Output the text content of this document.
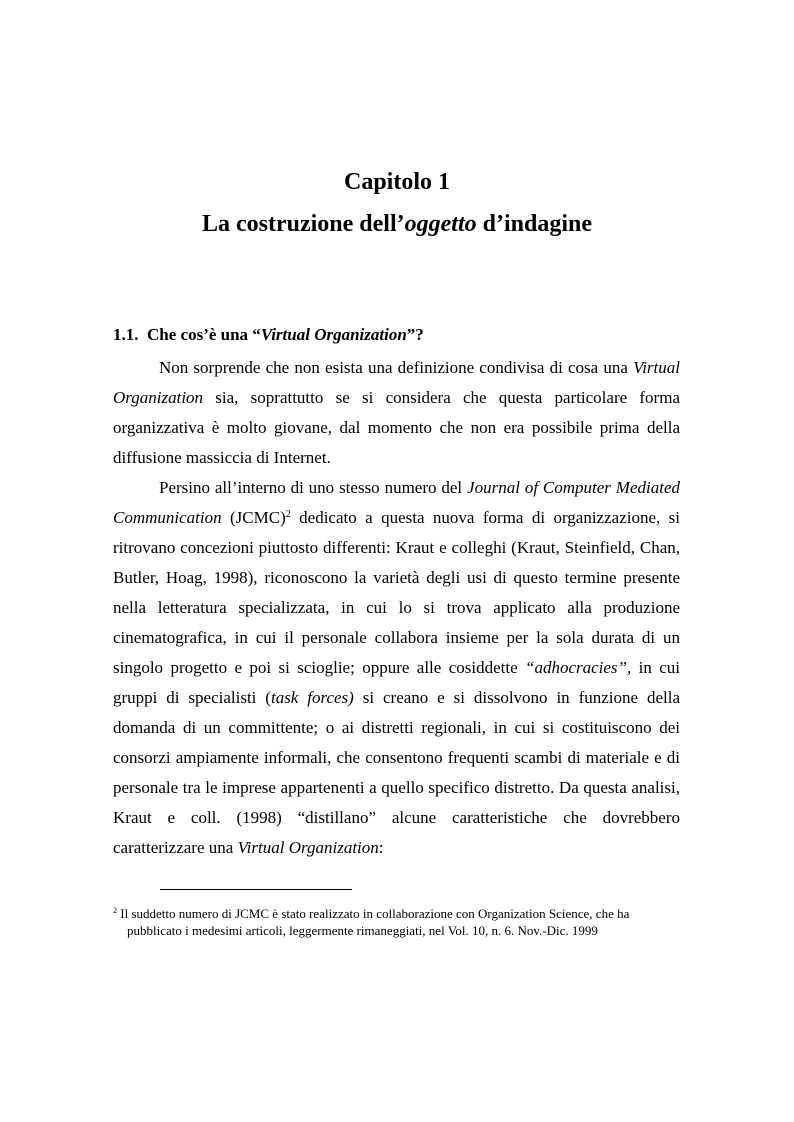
Capitolo 1
La costruzione dell’oggetto d’indagine
1.1. Che cos’è una “Virtual Organization”?

Non sorprende che non esista una definizione condivisa di cosa una Virtual Organization sia, soprattutto se si considera che questa particolare forma organizzativa è molto giovane, dal momento che non era possibile prima della diffusione massiccia di Internet.

Persino all’interno di uno stesso numero del Journal of Computer Mediated Communication (JCMC)$^2$ dedicato a questa nuova forma di organizzazione, si ritrovano concezioni piuttosto differenti: Kraut e colleghi (Kraut, Steinfield, Chan, Butler, Hoag, 1998), riconoscono la varietà degli usi di questo termine presente nella letteratura specializzata, in cui lo si trova applicato alla produzione cinematografica, in cui il personale collabora insieme per la sola durata di un singolo progetto e poi si scioglie; oppure alle cosiddette “adhocracies”, in cui gruppi di specialisti (task forces) si creano e si dissolvono in funzione della domanda di un committente; o ai distretti regionali, in cui si costituiscono dei consorzi ampiamente informali, che consentono frequenti scambi di materiale e di personale tra le imprese appartenenti a quello specifico distretto. Da questa analisi, Kraut e coll. (1998) “distillano” alcune caratteristiche che dovrebbero caratterizzare una Virtual Organization:

$^2$ Il suddetto numero di JCMC è stato realizzato in collaborazione con Organization Science, che ha
pubblicato i medesimi articoli, leggermente rimaneggiati, nel Vol. 10, n. 6. Nov.-Dic. 1999
